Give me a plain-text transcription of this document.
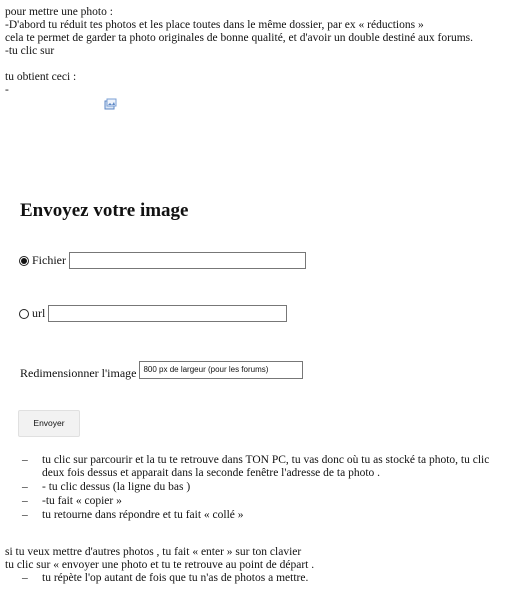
pour mettre une photo :

-D'abord tu réduit tes photos et les place toutes dans le même dossier, par ex « réductions »

cela te permet de garder ta photo originales de bonne qualité, et d'avoir un double destiné aux forums.

-tu clic sur

tu obtient ceci :

-

Envoyez votre image
Fichier
url
Redimensionner l'image
800 px de largeur (pour les forums)
Envoyer
–	tu clic sur parcourir et la tu te retrouve dans TON PC, tu vas donc où tu as stocké ta photo, tu clic deux fois dessus et apparait dans la seconde fenêtre l'adresse de ta photo .
–	- tu clic dessus (la ligne du bas )
–	-tu fait « copier »
–	tu retourne dans répondre et tu fait « collé »

si tu veux mettre d'autres photos , tu fait « enter » sur ton clavier

tu clic sur « envoyer une photo et tu te retrouve au point de départ .

–	tu répète l'op autant de fois que tu n'as de photos a mettre.
